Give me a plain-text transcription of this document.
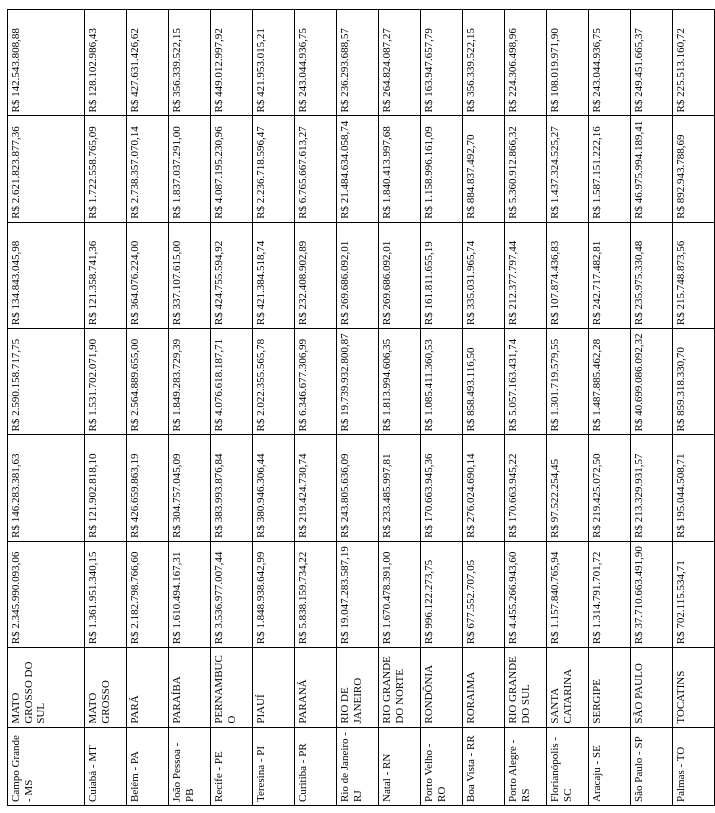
Campo Grande - MS	MATO GROSSO DO SUL	R$ 2.345.990.093,06	R$ 146.283.381,63	R$ 2.590.158.717,75	R$ 134.843.045,98	R$ 2.621.823.877,36	R$ 142.543.808,88
Cuiabá - MT	MATO GROSSO	R$ 1.361.951.340,15	R$ 121.902.818,10	R$ 1.531.702.071,90	R$ 121.358.741,36	R$ 1.722.558.765,09	R$ 128.102.986,43
Belém - PA	PARÁ	R$ 2.182.798.766,60	R$ 426.659.863,19	R$ 2.564.889.655,00	R$ 364.076.224,00	R$ 2.738.357.070,14	R$ 427.631.426,62
João Pessoa - PB	PARAÍBA	R$ 1.610.494.167,31	R$ 304.757.045,09	R$ 1.849.283.729,39	R$ 337.107.615,00	R$ 1.837.037.291,00	R$ 356.339.522,15
Recife - PE	PERNAMBUCO	R$ 3.536.977.007,44	R$ 383.993.876,84	R$ 4.076.618.187,71	R$ 424.755.594,92	R$ 4.087.195.230,96	R$ 449.012.997,92
Teresina - PI	PIAUÍ	R$ 1.848.938.642,99	R$ 380.946.306,44	R$ 2.022.355.565,78	R$ 421.384.518,74	R$ 2.236.718.596,47	R$ 421.953.015,21
Curitiba - PR	PARANÁ	R$ 5.838.159.734,22	R$ 219.424.730,74	R$ 6.346.677.306,99	R$ 232.408.902,89	R$ 6.765.667.613,27	R$ 243.044.936,75
Rio de Janeiro - RJ	RIO DE JANEIRO	R$ 19.047.283.587,19	R$ 243.805.636,09	R$ 19.739.932.800,87	R$ 269.686.092,01	R$ 21.484.634.058,74	R$ 236.293.688,57
Natal - RN	RIO GRANDE DO NORTE	R$ 1.670.478.391,00	R$ 233.485.997,81	R$ 1.813.994.606,35	R$ 269.686.092,01	R$ 1.840.413.997,68	R$ 264.824.087,27
Porto Velho - RO	RONDÔNIA	R$ 996.122.273,75	R$ 170.663.945,36	R$ 1.085.411.360,53	R$ 161.811.655,19	R$ 1.158.996.161,09	R$ 163.947.657,79
Boa Vista - RR	RORAIMA	R$ 677.552.707,05	R$ 276.024.690,14	R$ 858.493.116,50	R$ 335.031.965,74	R$ 884.837.492,70	R$ 356.339.522,15
Porto Alegre - RS	RIO GRANDE DO SUL	R$ 4.455.266.943,60	R$ 170.663.945,22	R$ 5.057.163.431,74	R$ 212.377.797,44	R$ 5.360.912.866,32	R$ 224.306.498,96
Florianópolis - SC	SANTA CATARINA	R$ 1.157.840.765,94	R$ 97.522.254,45	R$ 1.301.719.579,55	R$ 107.874.436,83	R$ 1.437.324.525,27	R$ 108.019.971,90
Aracaju - SE	SERGIPE	R$ 1.314.791.701,72	R$ 219.425.072,50	R$ 1.487.885.462,28	R$ 242.717.482,81	R$ 1.587.151.222,16	R$ 243.044.936,75
São Paulo - SP	SÃO PAULO	R$ 37.710.663.491,90	R$ 213.329.931,57	R$ 40.699.086.092,32	R$ 235.975.330,48	R$ 46.975.994.189,41	R$ 249.451.665,37
Palmas - TO	TOCATINS	R$ 702.115.534,71	R$ 195.044.508,71	R$ 859.318.330,70	R$ 215.748.873,56	R$ 892.943.788,69	R$ 225.513.160,72
